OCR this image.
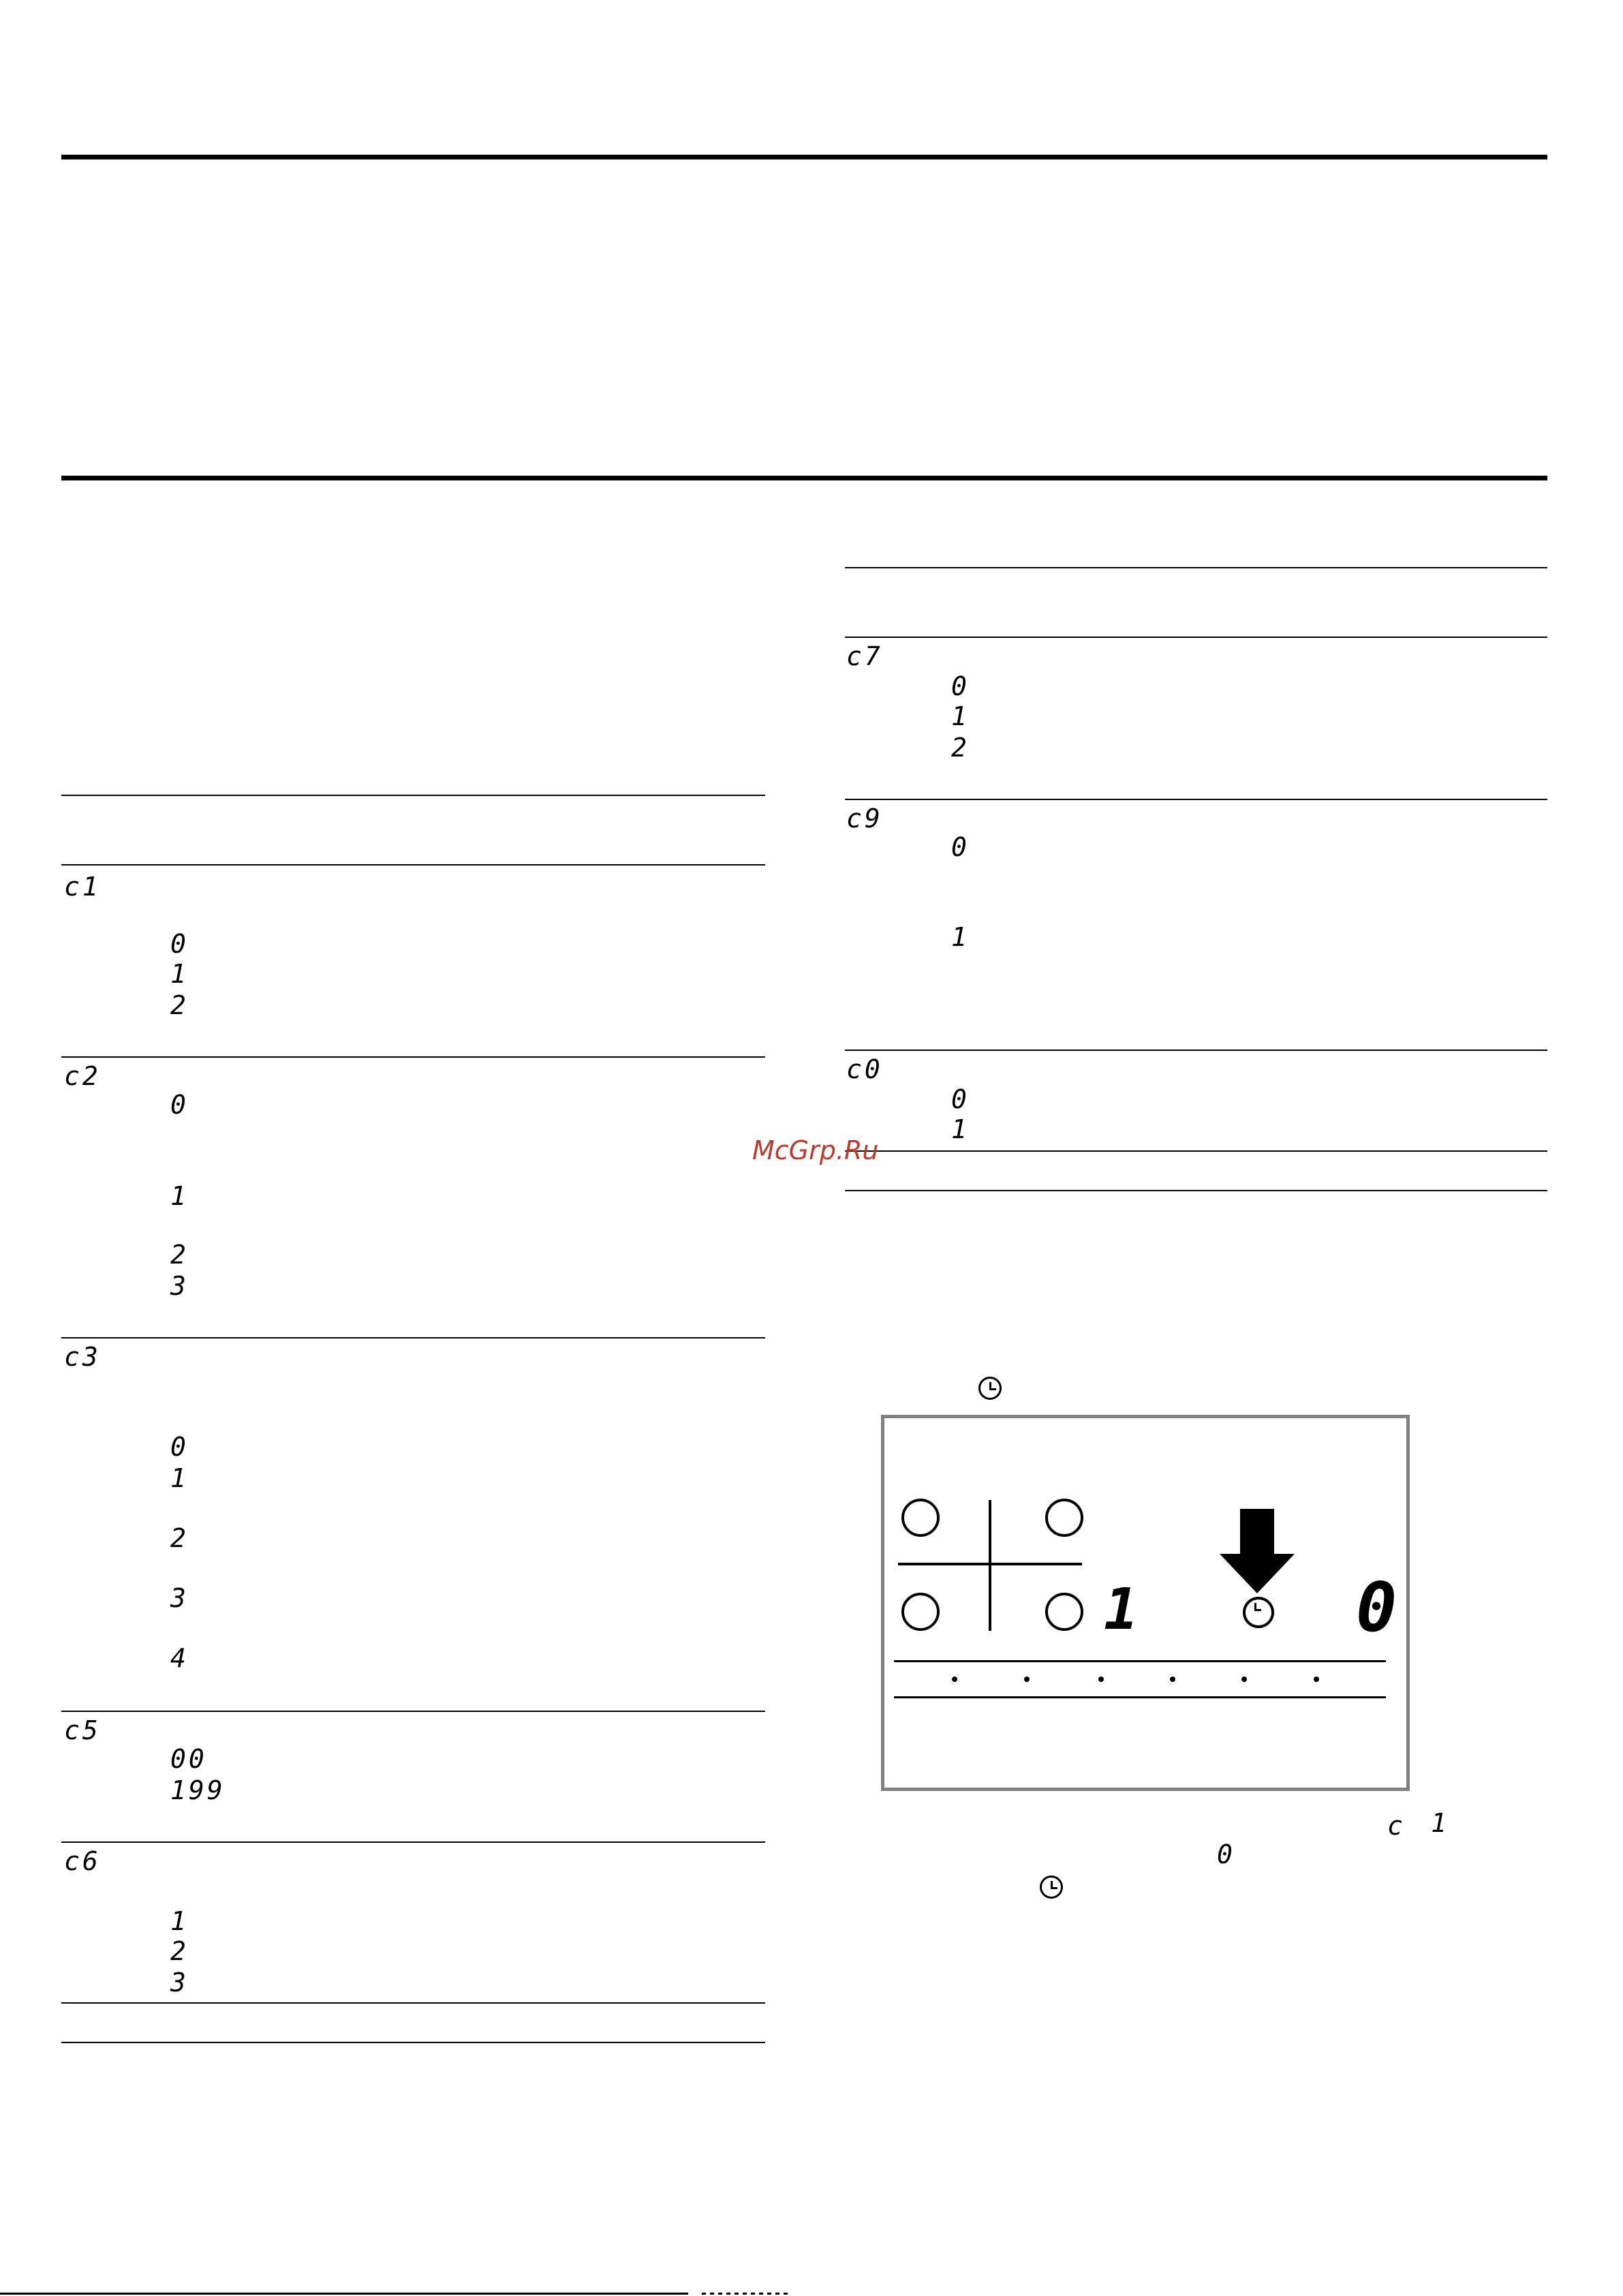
c1
0
1
2
c2
0
1
2
3
c3
0
1
2
3
4
c5
00
199
c6
1
2
3
c7
0
1
2
c9
0
1
c0
0
1
McGrp.Ru
1	0
c 1
0
